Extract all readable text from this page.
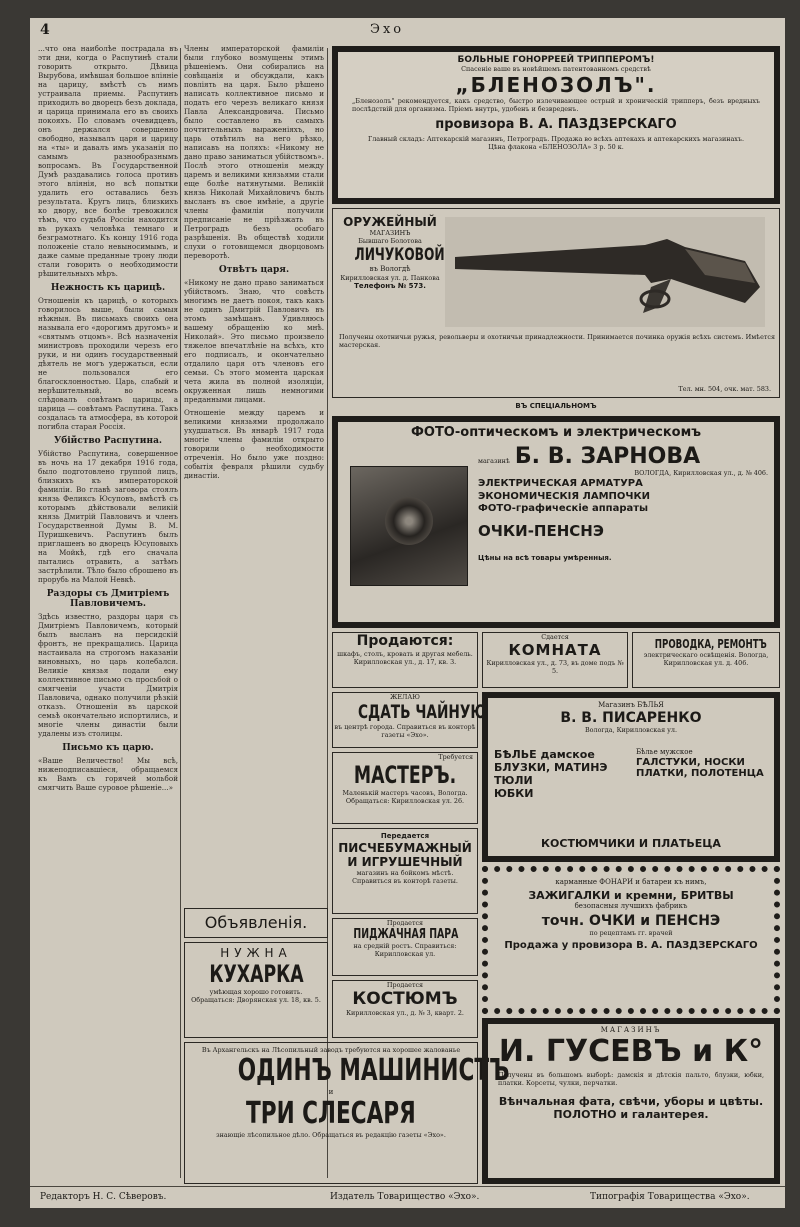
4	Эхо

...что она наиболѣе пострадала въ эти дни, когда о Распутинѣ стали говорить открыто. Дѣвица Вырубова, имѣвшая большое вліяніе на царицу, вмѣстѣ съ нимъ устраивала приемы. Распутинъ приходилъ во дворецъ безъ доклада, и царица принимала его въ своихъ покояхъ. По словамъ очевидцевъ, онъ держался совершенно свободно, называлъ царя и царицу на «ты» и давалъ имъ указанія по самымъ разнообразнымъ вопросамъ. Въ Государственной Думѣ раздавались голоса противъ этого вліянія, но всѣ попытки удалить его оставались безъ результата. Кругъ лицъ, близкихъ ко двору, все болѣе тревожился тѣмъ, что судьба Россіи находится въ рукахъ человѣка темнаго и безграмотнаго. Къ концу 1916 года положеніе стало невыносимымъ, и даже самые преданные трону люди стали говорить о необходимости рѣшительныхъ мѣръ.

Нежность къ царицѣ.

Отношенія къ царицѣ, о которыхъ говорилось выше, были самыя нѣжныя. Въ письмахъ своихъ она называла его «дорогимъ другомъ» и «святымъ отцомъ». Всѣ назначенія министровъ проходили черезъ его руки, и ни одинъ государственный дѣятель не могъ удержаться, если не пользовался его благосклонностью. Царь, слабый и нерѣшительный, во всемъ слѣдовалъ совѣтамъ царицы, а царица — совѣтамъ Распутина. Такъ создалась та атмосфера, въ которой погибла старая Россія.

Убійство Распутина.

Убійство Распутина, совершенное въ ночь на 17 декабря 1916 года, было подготовлено группой лицъ, близкихъ къ императорской фамиліи. Во главѣ заговора стоялъ князь Феликсъ Юсуповъ, вмѣстѣ съ которымъ дѣйствовали великій князь Дмитрій Павловичъ и членъ Государственной Думы В. М. Пуришкевичъ. Распутинъ былъ приглашенъ во дворецъ Юсуповыхъ на Мойкѣ, гдѣ его сначала пытались отравить, а затѣмъ застрѣлили. Тѣло было сброшено въ прорубь на Малой Невкѣ.

Раздоры съ Дмитріемъ Павловичемъ.

Здѣсь известно, раздоры царя съ Дмитріемъ Павловичемъ, который былъ высланъ на персидскій фронтъ, не прекращались. Царица настаивала на строгомъ наказаніи виновныхъ, но царь колебался. Великіе князья подали ему коллективное письмо съ просьбой о смягченіи участи Дмитрія Павловича, однако получили рѣзкій отказъ. Отношенія въ царской семьѣ окончательно испортились, и многіе члены династіи были удалены изъ столицы.

Письмо къ царю.

«Ваше Величество! Мы всѣ, нижеподписавшіеся, обращаемся къ Вамъ съ горячей мольбой смягчить Ваше суровое рѣшеніе...»

Члены императорской фамиліи были глубоко возмущены этимъ рѣшеніемъ. Они собирались на совѣщанія и обсуждали, какъ повліять на царя. Было рѣшено написать коллективное письмо и подать его черезъ великаго князя Павла Александровича. Письмо было составлено въ самыхъ почтительныхъ выраженіяхъ, но царь отвѣтилъ на него рѣзко, написавъ на поляхъ: «Никому не дано право заниматься убійствомъ». Послѣ этого отношенія между царемъ и великими князьями стали еще болѣе натянутыми. Великій князь Николай Михайловичъ былъ высланъ въ свое имѣніе, а другіе члены фамиліи получили предписаніе не пріѣзжать въ Петроградъ безъ особаго разрѣшенія. Въ обществѣ ходили слухи о готовящемся дворцовомъ переворотѣ.

Отвѣтъ царя.

«Никому не дано право заниматься убійствомъ. Знаю, что совѣсть многимъ не даетъ покоя, такъ какъ не одинъ Дмитрій Павловичъ въ этомъ замѣшанъ. Удивляюсь вашему обращенію ко мнѣ. Николай». Это письмо произвело тяжелое впечатлѣніе на всѣхъ, кто его подписалъ, и окончательно отдалило царя отъ членовъ его семьи. Съ этого момента царская чета жила въ полной изоляціи, окруженная лишь немногими преданными лицами.

Отношеніе между царемъ и великими князьями продолжало ухудшаться. Въ январѣ 1917 года многіе члены фамиліи открыто говорили о необходимости отреченія. Но было уже поздно: событія февраля рѣшили судьбу династіи.

БОЛЬНЫЕ ГОНОРРЕЕЙ ТРИППЕРОМЪ!
Спасеніе ваше въ новѣйшемъ патентованномъ средствѣ
„БЛЕНОЗОЛЪ".
„Бленозолъ" рекомендуется, какъ средство, быстро излечивающее острый и хроническій трипперъ, безъ вредныхъ послѣдствій для организма. Пріемъ внутрь, удобенъ и безвреденъ.
провизора В. А. ПАЗДЗЕРСКАГО
Главный складъ: Аптекарскій магазинъ, Петроградъ. Продажа во всѣхъ аптекахъ и аптекарскихъ магазинахъ.
Цѣна флакона «БЛЕНОЗОЛА» 3 р. 50 к.
ОРУЖЕЙНЫЙ
МАГАЗИНЪ
Бывшаго Болотова
ЛИЧУКОВОЙ
въ Вологдѣ
Кирилловская ул. д. Панкова
Телефонъ № 573.
Получены охотничьи ружья, револьверы и охотничьи принадлежности. Принимается починка оружія всѣхъ системъ. Имѣется мастерская.
Тел. мн. 504, очк. мат. 583.
ВЪ СПЕЦІАЛЬНОМЪ
ФОТО-оптическомъ и электрическомъ
магазинѣ Б. В. ЗАРНОВА
ВОЛОГДА, Кирилловская ул., д. № 406.
ЭЛЕКТРИЧЕСКАЯ АРМАТУРА
ЭКОНОМИЧЕСКІЯ ЛАМПОЧКИ
ФОТО-графическіе аппараты
ОЧКИ-ПЕНСНЭ
Цѣны на всѣ товары умѣренныя.
Продаются:
шкафъ, столъ, кровать и другая мебель. Кирилловская ул., д. 17, кв. 3.
Сдается
КОМНАТА
Кирилловская ул., д. 73, въ доме подъ № 5.
ПРОВОДКА, РЕМОНТЪ
электрическаго освѣщенія. Вологда, Кирилловская ул. д. 406.
ЖЕЛАЮ
СДАТЬ ЧАЙНУЮ
въ центрѣ города. Справиться въ конторѣ газеты «Эхо».
Требуется
МАСТЕРЪ.
Маленькій мастеръ часовъ, Вологда. Обращаться: Кирилловская ул. 26.
Магазинъ БѢЛЬЯ
В. В. ПИСАРЕНКО
Вологда, Кирилловская ул.
БѢЛЬЕ дамское
БЛУЗКИ, МАТИНЭ
ТЮЛИ
ЮБКИ
Бѣлье мужское
ГАЛСТУКИ, НОСКИ
ПЛАТКИ, ПОЛОТЕНЦА
КОСТЮМЧИКИ И ПЛАТЬЕЦА
Передается
ПИСЧЕБУМАЖНЫЙ И ИГРУШЕЧНЫЙ
магазинъ на бойкомъ мѣстѣ. Справиться въ конторѣ газеты.	карманные ФОНАРИ и батареи къ нимъ,
ЗАЖИГАЛКИ и кремни, БРИТВЫ
безопасныя лучшихъ фабрикъ
точн. ОЧКИ и ПЕНСНЭ
по рецептамъ гг. врачей
Продажа у провизора В. А. ПАЗДЗЕРСКАГО
Объявленія.
НУЖНА
КУХАРКА
умѣющая хорошо готовить. Обращаться: Дворянская ул. 18, кв. 5.
Продается
ПИДЖАЧНАЯ ПАРА
на средній ростъ. Справиться: Кирилловская ул.
Продается
КОСТЮМЪ
Кирилловская ул., д. № 3, кварт. 2.
Въ Архангельскъ на Лѣсопильный заводъ требуются на хорошее жалованье
ОДИНЪ МАШИНИСТЪ
и
ТРИ СЛЕСАРЯ
знающіе лѣсопильное дѣло. Обращаться въ редакцію газеты «Эхо».
МАГАЗИНЪ
И. ГУСЕВЪ и К°
Получены въ большомъ выборѣ: дамскія и дѣтскія пальто, блузки, юбки, платки. Корсеты, чулки, перчатки.
Вѣнчальная фата, свѣчи, уборы и цвѣты.
ПОЛОТНО и галантерея.
Редакторъ Н. С. Сѣверовъ.	Издатель Товарищество «Эхо».	Типографія Товарищества «Эхо».
